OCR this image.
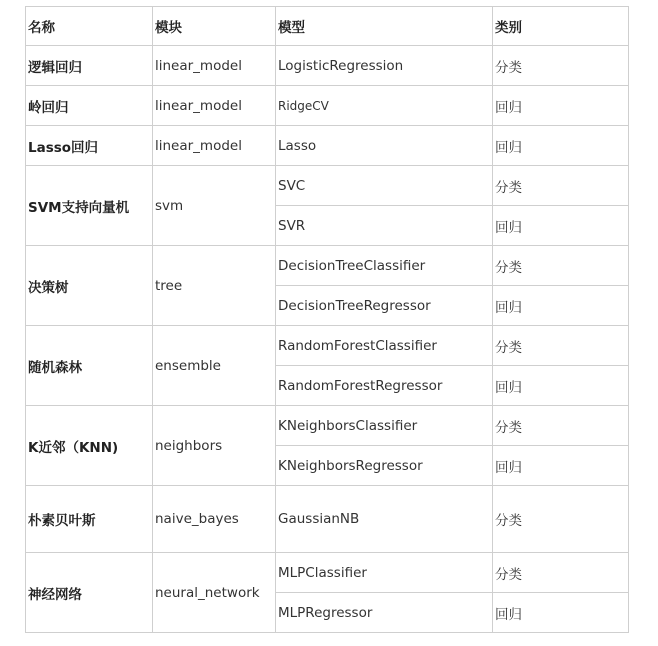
名称	模块	模型	类别
逻辑回归	linear_model	LogisticRegression	分类
岭回归	linear_model	RidgeCV	回归
Lasso回归	linear_model	Lasso	回归
SVM支持向量机	svm	SVC	分类
		SVR	回归
决策树	tree	DecisionTreeClassifier	分类
		DecisionTreeRegressor	回归
随机森林	ensemble	RandomForestClassifier	分类
		RandomForestRegressor	回归
K近邻（KNN)	neighbors	KNeighborsClassifier	分类
		KNeighborsRegressor	回归
朴素贝叶斯	naive_bayes	GaussianNB	分类
神经网络	neural_network	MLPClassifier	分类
		MLPRegressor	回归
